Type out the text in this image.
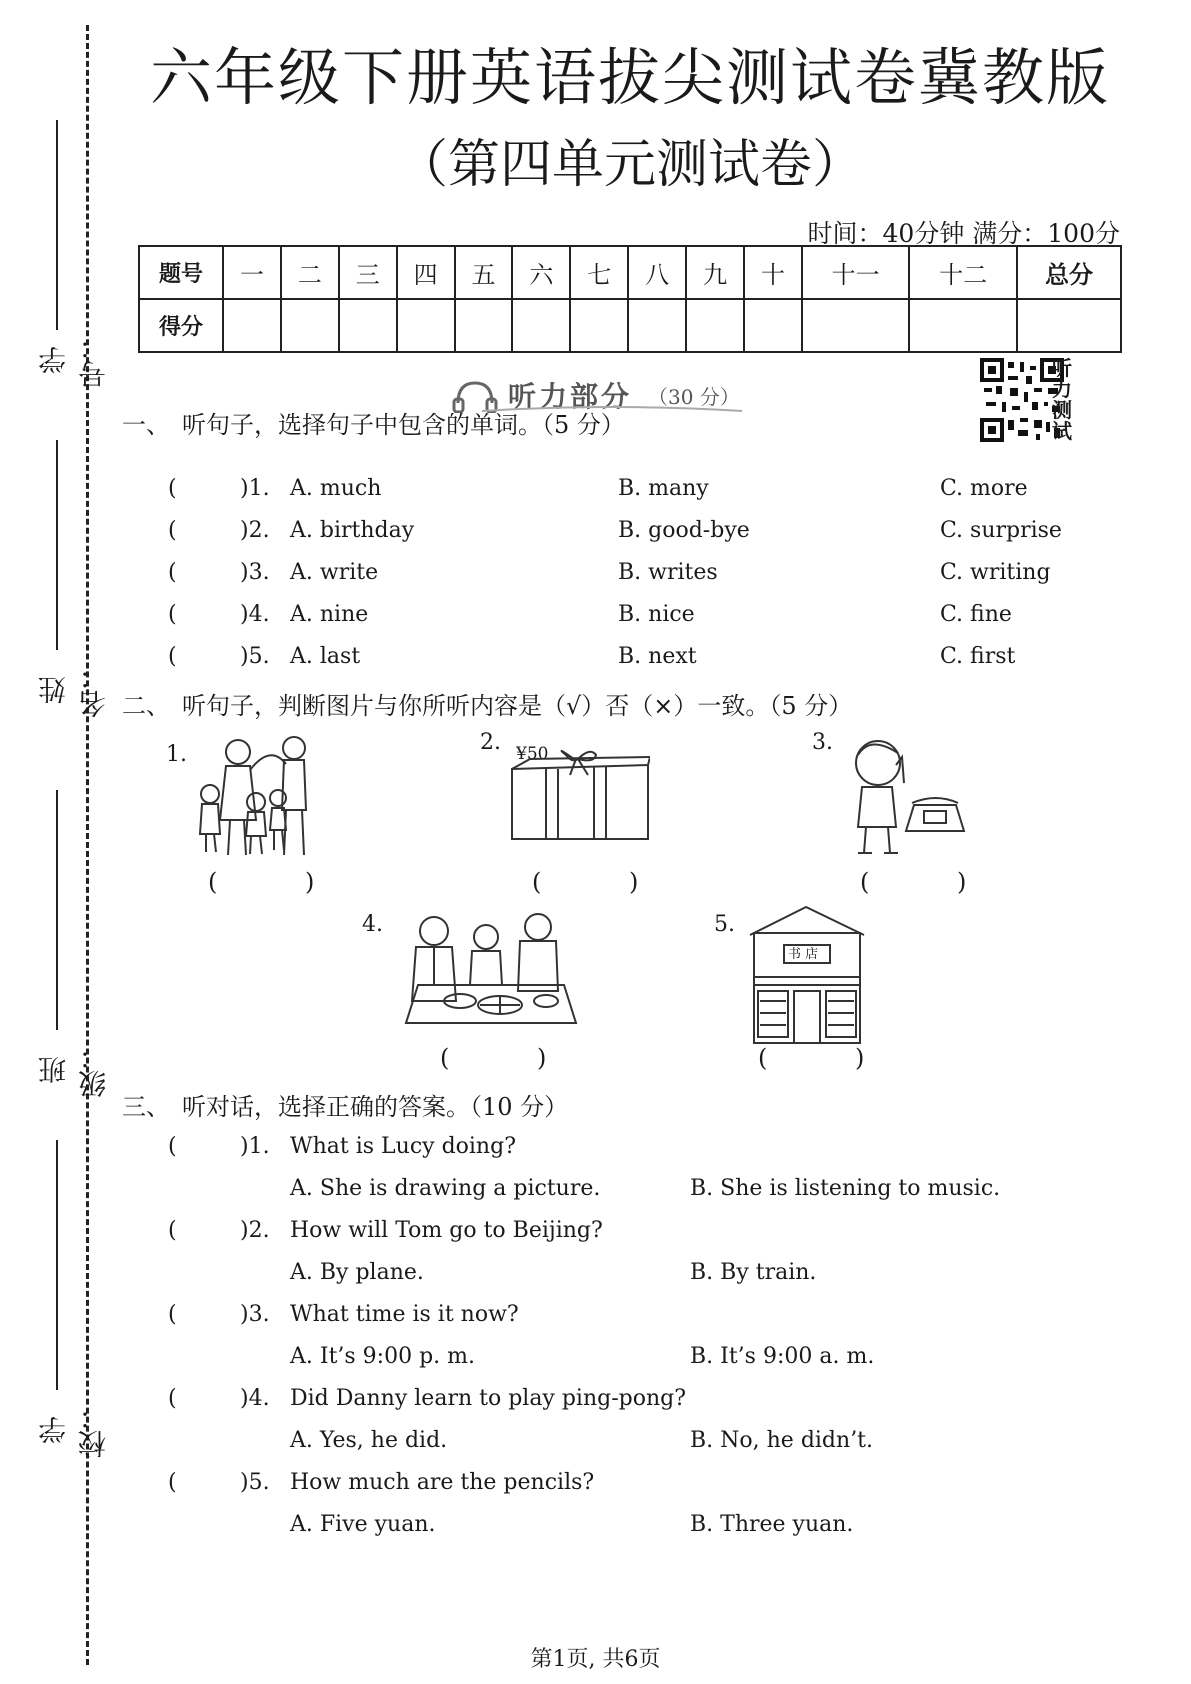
学号：
姓名：
班级：
学校：
六年级下册英语拔尖测试卷冀教版
（第四单元测试卷）
时间：40分钟 满分：100分
题号	一	二	三	四	五	六	七	八	九	十	十一	十二	总分
得分													
听力部分 （30 分）
听力测试
一、 听句子，选择句子中包含的单词。（5 分）
(	)1. A. much	B. many	C. more
(	)2. A. birthday	B. good-bye	C. surprise
(	)3. A. write	B. writes	C. writing
(	)4. A. nine	B. nice	C. fine
(	)5. A. last	B. next	C. first
二、 听句子，判断图片与你所听内容是（√）否（×）一致。（5 分）
1.
( )
2. ¥50
( )
3.
( )
4.
( )
5.
书 店
( )
三、 听对话，选择正确的答案。（10 分）
(	)1. What is Lucy doing?
A. She is drawing a picture.	B. She is listening to music.
(	)2. How will Tom go to Beijing?
A. By plane.	B. By train.
(	)3. What time is it now?
A. It’s 9:00 p. m.	B. It’s 9:00 a. m.
(	)4. Did Danny learn to play ping-pong?
A. Yes, he did.	B. No, he didn’t.
(	)5. How much are the pencils?
A. Five yuan.	B. Three yuan.
第1页, 共6页
